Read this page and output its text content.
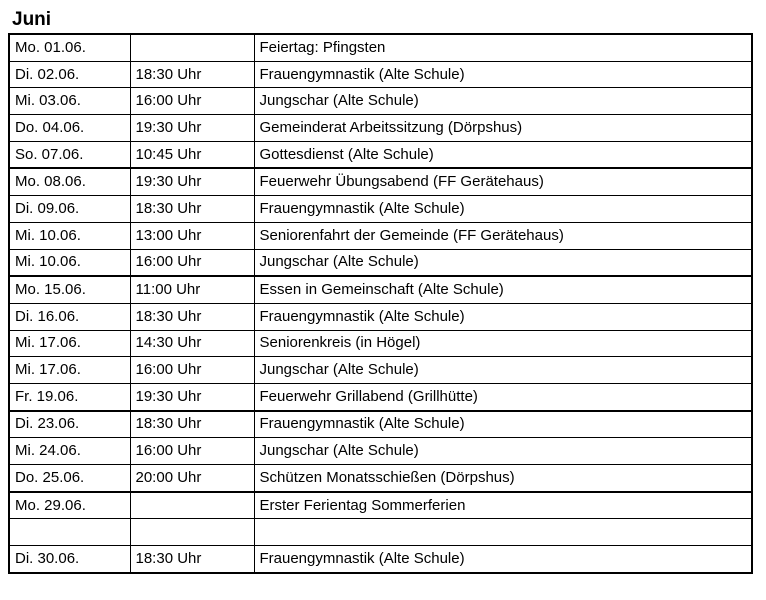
Juni
Mo. 01.06.		Feiertag: Pfingsten
Di. 02.06.	18:30 Uhr	Frauengymnastik (Alte Schule)
Mi. 03.06.	16:00 Uhr	Jungschar (Alte Schule)
Do. 04.06.	19:30 Uhr	Gemeinderat Arbeitssitzung (Dörpshus)
So. 07.06.	10:45 Uhr	Gottesdienst (Alte Schule)
Mo. 08.06.	19:30 Uhr	Feuerwehr Übungsabend (FF Gerätehaus)
Di. 09.06.	18:30 Uhr	Frauengymnastik (Alte Schule)
Mi. 10.06.	13:00 Uhr	Seniorenfahrt der Gemeinde (FF Gerätehaus)
Mi. 10.06.	16:00 Uhr	Jungschar (Alte Schule)
Mo. 15.06.	11:00 Uhr	Essen in Gemeinschaft (Alte Schule)
Di. 16.06.	18:30 Uhr	Frauengymnastik (Alte Schule)
Mi. 17.06.	14:30 Uhr	Seniorenkreis (in Högel)
Mi. 17.06.	16:00 Uhr	Jungschar (Alte Schule)
Fr. 19.06.	19:30 Uhr	Feuerwehr Grillabend (Grillhütte)
Di. 23.06.	18:30 Uhr	Frauengymnastik (Alte Schule)
Mi. 24.06.	16:00 Uhr	Jungschar (Alte Schule)
Do. 25.06.	20:00 Uhr	Schützen Monatsschießen (Dörpshus)
Mo. 29.06.		Erster Ferientag Sommerferien

Di. 30.06.	18:30 Uhr	Frauengymnastik (Alte Schule)
